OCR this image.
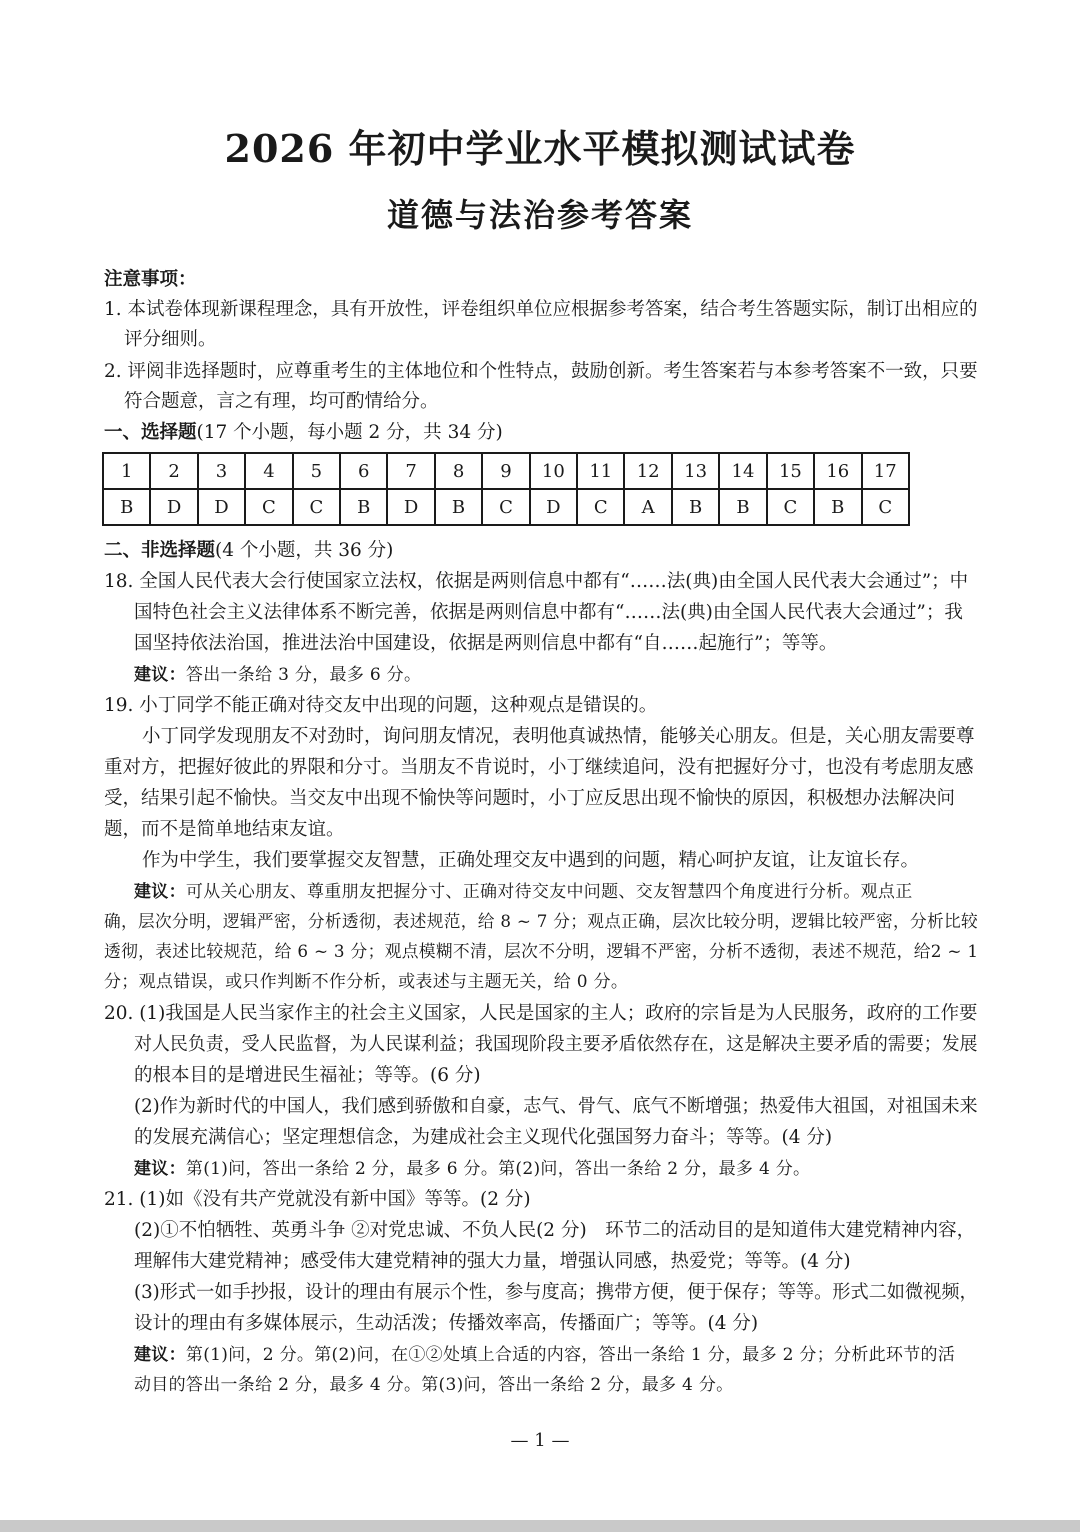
2026 年初中学业水平模拟测试试卷
道德与法治参考答案
注意事项：
1. 本试卷体现新课程理念，具有开放性，评卷组织单位应根据参考答案，结合考生答题实际，制订出相应的
评分细则。
2. 评阅非选择题时，应尊重考生的主体地位和个性特点，鼓励创新。考生答案若与本参考答案不一致，只要
符合题意，言之有理，均可酌情给分。
一、选择题(17 个小题，每小题 2 分，共 34 分)
1	2	3	4	5	6	7	8	9	10	11	12	13	14	15	16	17
B	D	D	C	C	B	D	B	C	D	C	A	B	B	C	B	C
二、非选择题(4 个小题，共 36 分)
18. 全国人民代表大会行使国家立法权，依据是两则信息中都有“……法(典)由全国人民代表大会通过”；中
国特色社会主义法律体系不断完善，依据是两则信息中都有“……法(典)由全国人民代表大会通过”；我
国坚持依法治国，推进法治中国建设，依据是两则信息中都有“自……起施行”；等等。
建议：答出一条给 3 分，最多 6 分。
19. 小丁同学不能正确对待交友中出现的问题，这种观点是错误的。
小丁同学发现朋友不对劲时，询问朋友情况，表明他真诚热情，能够关心朋友。但是，关心朋友需要尊
重对方，把握好彼此的界限和分寸。当朋友不肯说时，小丁继续追问，没有把握好分寸，也没有考虑朋友感
受，结果引起不愉快。当交友中出现不愉快等问题时，小丁应反思出现不愉快的原因，积极想办法解决问
题，而不是简单地结束友谊。
作为中学生，我们要掌握交友智慧，正确处理交友中遇到的问题，精心呵护友谊，让友谊长存。
建议：可从关心朋友、尊重朋友把握分寸、正确对待交友中问题、交友智慧四个角度进行分析。观点正
确，层次分明，逻辑严密，分析透彻，表述规范，给 8 ~ 7 分；观点正确，层次比较分明，逻辑比较严密，分析比较
透彻，表述比较规范，给 6 ~ 3 分；观点模糊不清，层次不分明，逻辑不严密，分析不透彻，表述不规范，给2 ~ 1
分；观点错误，或只作判断不作分析，或表述与主题无关，给 0 分。
20. (1)我国是人民当家作主的社会主义国家，人民是国家的主人；政府的宗旨是为人民服务，政府的工作要
对人民负责，受人民监督，为人民谋利益；我国现阶段主要矛盾依然存在，这是解决主要矛盾的需要；发展
的根本目的是增进民生福祉；等等。(6 分)
(2)作为新时代的中国人，我们感到骄傲和自豪，志气、骨气、底气不断增强；热爱伟大祖国，对祖国未来
的发展充满信心；坚定理想信念，为建成社会主义现代化强国努力奋斗；等等。(4 分)
建议：第(1)问，答出一条给 2 分，最多 6 分。第(2)问，答出一条给 2 分，最多 4 分。
21. (1)如《没有共产党就没有新中国》等等。(2 分)
(2)①不怕牺牲、英勇斗争 ②对党忠诚、不负人民(2 分)　环节二的活动目的是知道伟大建党精神内容，
理解伟大建党精神；感受伟大建党精神的强大力量，增强认同感，热爱党；等等。(4 分)
(3)形式一如手抄报，设计的理由有展示个性，参与度高；携带方便，便于保存；等等。形式二如微视频，
设计的理由有多媒体展示，生动活泼；传播效率高，传播面广；等等。(4 分)
建议：第(1)问，2 分。第(2)问，在①②处填上合适的内容，答出一条给 1 分，最多 2 分；分析此环节的活
动目的答出一条给 2 分，最多 4 分。第(3)问，答出一条给 2 分，最多 4 分。
— 1 —
